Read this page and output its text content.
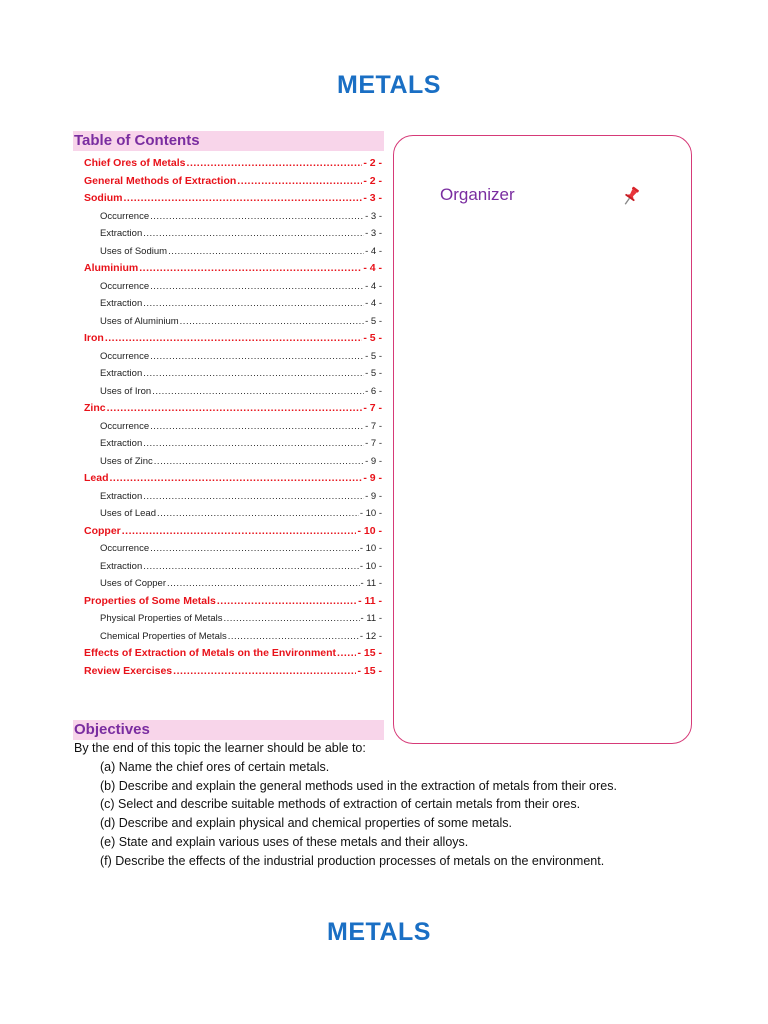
METALS
Table of Contents
Chief Ores of Metals .....	- 2 -
General Methods of Extraction .....	- 2 -
Sodium .....	- 3 -
Occurrence .....	- 3 -
Extraction .....	- 3 -
Uses of Sodium .....	- 4 -
Aluminium .....	- 4 -
Occurrence .....	- 4 -
Extraction .....	- 4 -
Uses of Aluminium .....	- 5 -
Iron .....	- 5 -
Occurrence .....	- 5 -
Extraction .....	- 5 -
Uses of Iron .....	- 6 -
Zinc .....	- 7 -
Occurrence .....	- 7 -
Extraction .....	- 7 -
Uses of Zinc .....	- 9 -
Lead .....	- 9 -
Extraction .....	- 9 -
Uses of Lead .....	- 10 -
Copper .....	- 10 -
Occurrence .....	- 10 -
Extraction .....	- 10 -
Uses of Copper .....	- 11 -
Properties of Some Metals .....	- 11 -
Physical Properties of Metals .....	- 11 -
Chemical Properties of Metals .....	- 12 -
Effects of Extraction of Metals on the Environment ..... - 15 -
Review Exercises .....	- 15 -
Organizer
Objectives
By the end of this topic the learner should be able to:
(a) Name the chief ores of certain metals.
(b) Describe and explain the general methods used in the extraction of metals from their ores.
(c) Select and describe suitable methods of extraction of certain metals from their ores.
(d) Describe and explain physical and chemical properties of some metals.
(e) State and explain various uses of these metals and their alloys.
(f) Describe the effects of the industrial production processes of metals on the environment.
METALS
